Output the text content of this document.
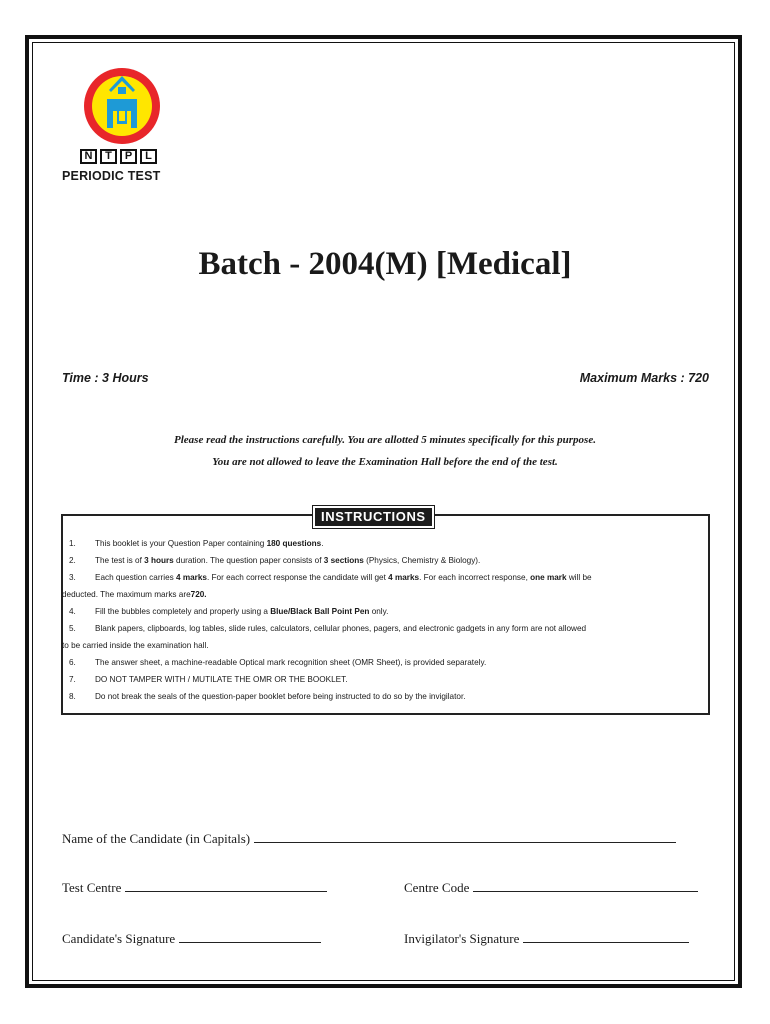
N	T	P	L
PERIODIC TEST
Batch - 2004(M) [Medical]
Time : 3 Hours	Maximum Marks : 720
Please read the instructions carefully. You are allotted 5 minutes specifically for this purpose.
You are not allowed to leave the Examination Hall before the end of the test.
INSTRUCTIONS
1.	This booklet is your Question Paper containing 180 questions.
2.	The test is of 3 hours duration. The question paper consists of 3 sections (Physics, Chemistry & Biology).
3.	Each question carries 4 marks. For each correct response the candidate will get 4 marks. For each incorrect response, one mark will be
deducted. The maximum marks are 720.
4.	Fill the bubbles completely and properly using a Blue/Black Ball Point Pen only.
5.	Blank papers, clipboards, log tables, slide rules, calculators, cellular phones, pagers, and electronic gadgets in any form are not allowed
to be carried inside the examination hall.
6.	The answer sheet, a machine-readable Optical mark recognition sheet (OMR Sheet), is provided separately.
7.	DO NOT TAMPER WITH / MUTILATE THE OMR OR THE BOOKLET.
8.	Do not break the seals of the question-paper booklet before being instructed to do so by the invigilator.
Name of the Candidate (in Capitals)
Test Centre	Centre Code
Candidate's Signature	Invigilator's Signature
